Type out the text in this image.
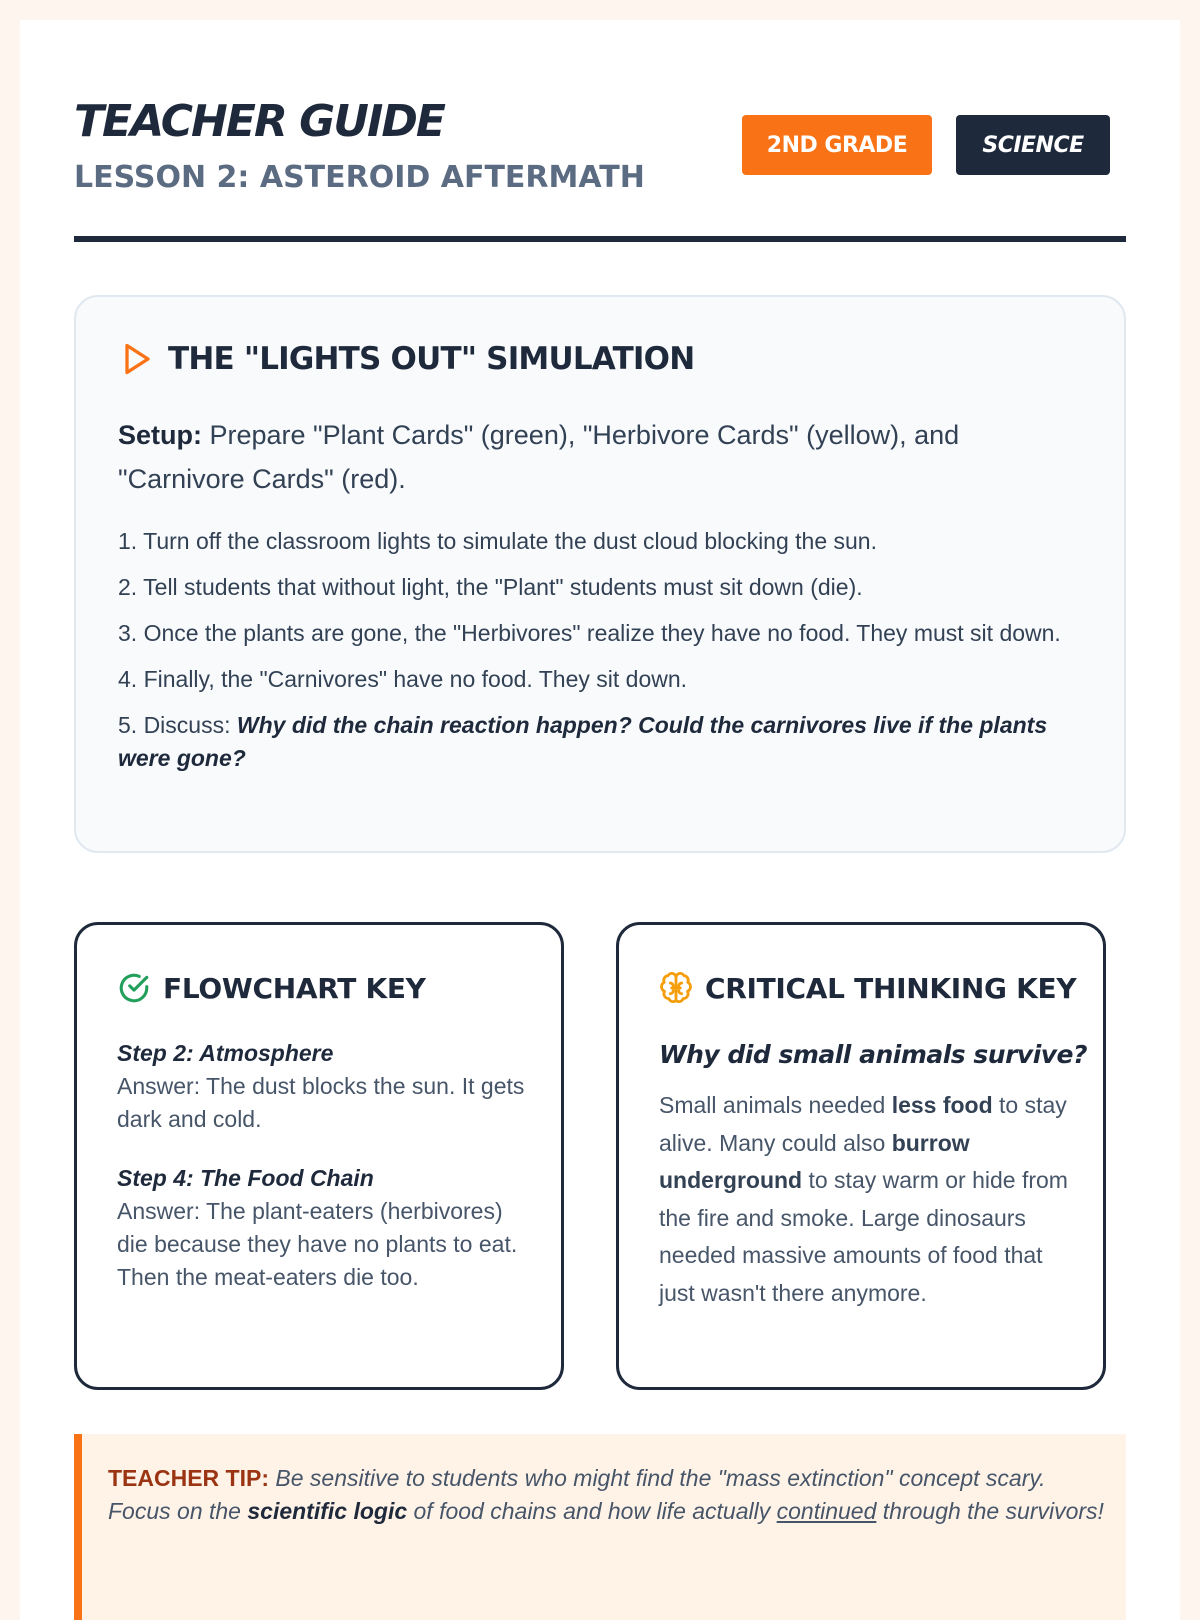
TEACHER GUIDE
LESSON 2: ASTEROID AFTERMATH
2ND GRADE	SCIENCE
THE "LIGHTS OUT" SIMULATION

Setup: Prepare "Plant Cards" (green), "Herbivore Cards" (yellow), and "Carnivore Cards" (red).

1. Turn off the classroom lights to simulate the dust cloud blocking the sun.

2. Tell students that without light, the "Plant" students must sit down (die).

3. Once the plants are gone, the "Herbivores" realize they have no food. They must sit down.

4. Finally, the "Carnivores" have no food. They sit down.

5. Discuss: Why did the chain reaction happen? Could the carnivores live if the plants were gone?

FLOWCHART KEY
Step 2: Atmosphere
Answer: The dust blocks the sun. It gets dark and cold.
Step 4: The Food Chain
Answer: The plant-eaters (herbivores) die because they have no plants to eat. Then the meat-eaters die too.
CRITICAL THINKING KEY
Why did small animals survive?

Small animals needed less food to stay alive. Many could also burrow underground to stay warm or hide from the fire and smoke. Large dinosaurs needed massive amounts of food that just wasn't there anymore.

TEACHER TIP: Be sensitive to students who might find the "mass extinction" concept scary. Focus on the scientific logic of food chains and how life actually continued through the survivors!
